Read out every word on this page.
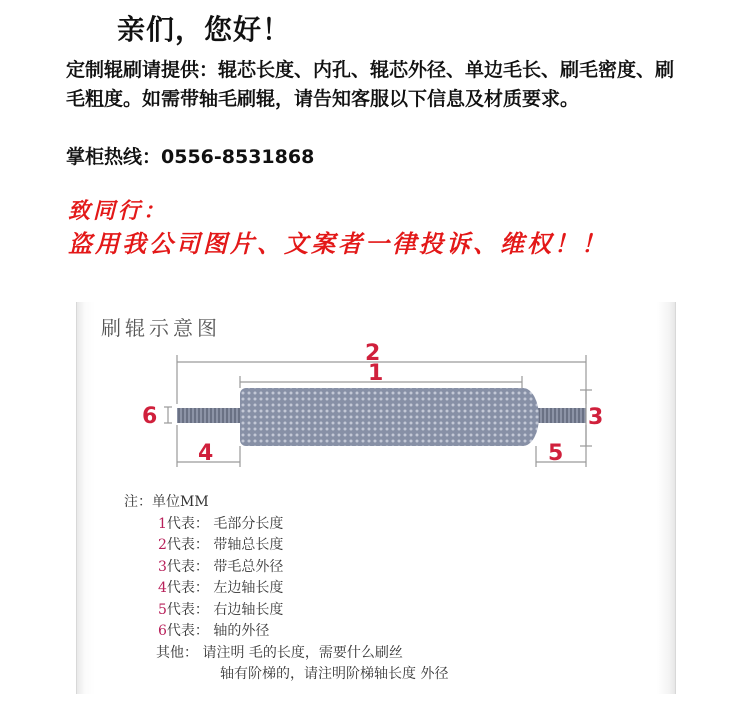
亲们，您好！
定制辊刷请提供：辊芯长度、内孔、辊芯外径、单边毛长、刷毛密度、刷毛粗度。如需带轴毛刷辊，请告知客服以下信息及材质要求。
掌柜热线：0556-8531868
致同行：
盗用我公司图片、文案者一律投诉、维权！！
刷辊示意图
2
1
3
6
4	5
注：单位MM
1代表： 毛部分长度
2代表： 带轴总长度
3代表： 带毛总外径
4代表： 左边轴长度
5代表： 右边轴长度
6代表： 轴的外径
其他： 请注明 毛的长度，需要什么刷丝
轴有阶梯的，请注明阶梯轴长度 外径
